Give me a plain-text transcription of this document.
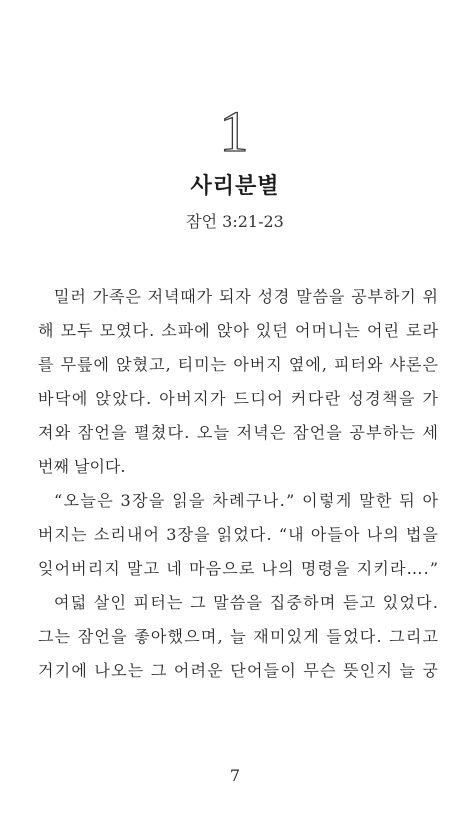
1
사리분별
잠언 3:21-23
밀러 가족은 저녁때가 되자 성경 말씀을 공부하기 위
해 모두 모였다. 소파에 앉아 있던 어머니는 어린 로라
를 무릎에 앉혔고, 티미는 아버지 옆에, 피터와 샤론은
바닥에 앉았다. 아버지가 드디어 커다란 성경책을 가
져와 잠언을 펼쳤다. 오늘 저녁은 잠언을 공부하는 세
번째 날이다.
“오늘은 3장을 읽을 차례구나.” 이렇게 말한 뒤 아
버지는 소리내어 3장을 읽었다. “내 아들아 나의 법을
잊어버리지 말고 네 마음으로 나의 명령을 지키라….”
여덟 살인 피터는 그 말씀을 집중하며 듣고 있었다.
그는 잠언을 좋아했으며, 늘 재미있게 들었다. 그리고
거기에 나오는 그 어려운 단어들이 무슨 뜻인지 늘 궁
7
